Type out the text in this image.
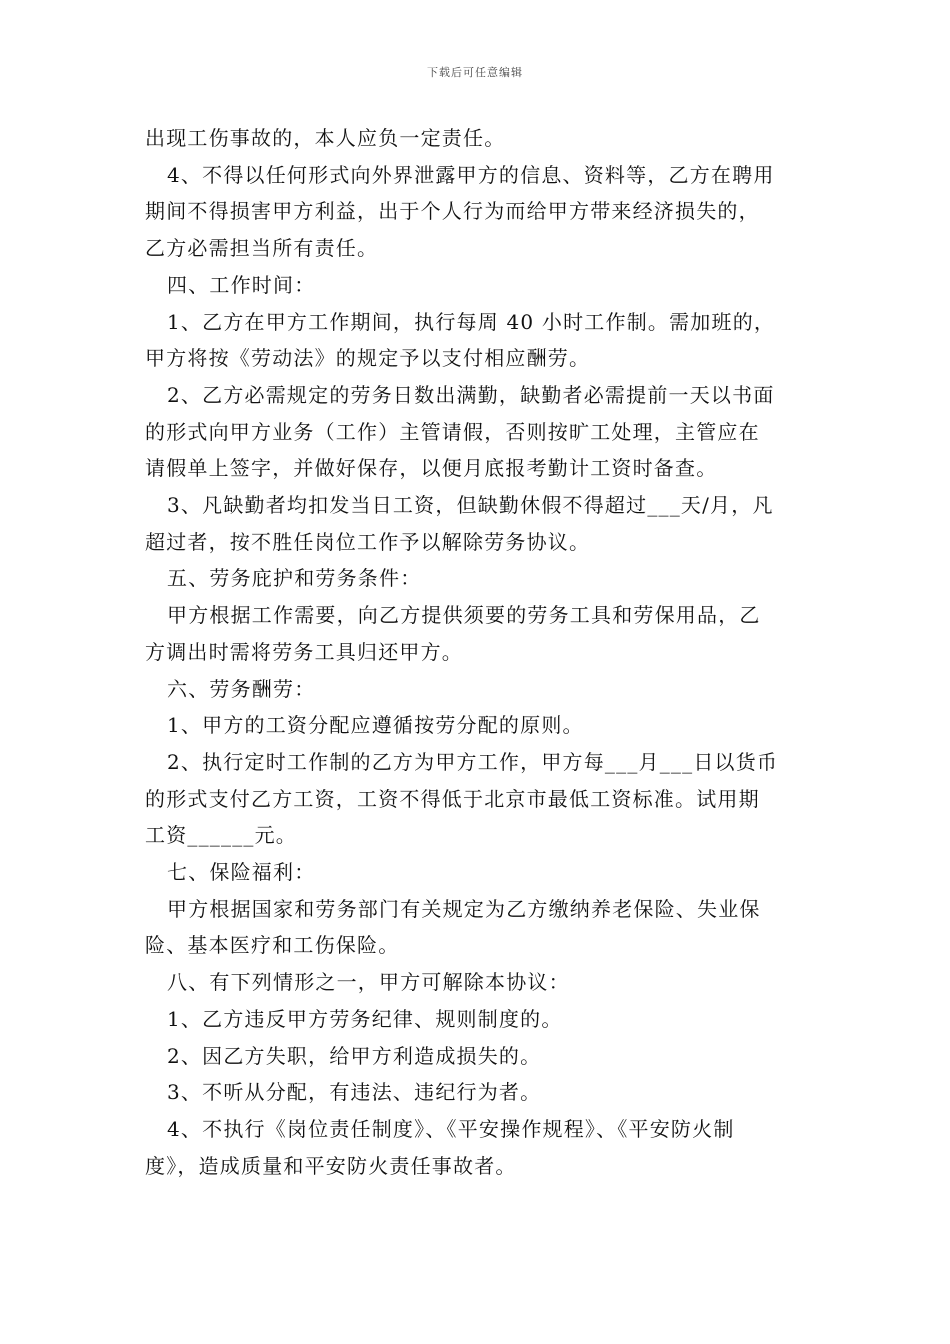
下载后可任意编辑
出现工伤事故的，本人应负一定责任。
4、不得以任何形式向外界泄露甲方的信息、资料等，乙方在聘用
期间不得损害甲方利益，出于个人行为而给甲方带来经济损失的，
乙方必需担当所有责任。
四、工作时间：
1、乙方在甲方工作期间，执行每周 40 小时工作制。需加班的，
甲方将按《劳动法》的规定予以支付相应酬劳。
2、乙方必需规定的劳务日数出满勤，缺勤者必需提前一天以书面
的形式向甲方业务（工作）主管请假，否则按旷工处理，主管应在
请假单上签字，并做好保存，以便月底报考勤计工资时备查。
3、凡缺勤者均扣发当日工资，但缺勤休假不得超过___天/月，凡
超过者，按不胜任岗位工作予以解除劳务协议。
五、劳务庇护和劳务条件：
甲方根据工作需要，向乙方提供须要的劳务工具和劳保用品，乙
方调出时需将劳务工具归还甲方。
六、劳务酬劳：
1、甲方的工资分配应遵循按劳分配的原则。
2、执行定时工作制的乙方为甲方工作，甲方每___月___日以货币
的形式支付乙方工资，工资不得低于北京市最低工资标准。试用期
工资______元。
七、保险福利：
甲方根据国家和劳务部门有关规定为乙方缴纳养老保险、失业保
险、基本医疗和工伤保险。
八、有下列情形之一，甲方可解除本协议：
1、乙方违反甲方劳务纪律、规则制度的。
2、因乙方失职，给甲方利造成损失的。
3、不听从分配，有违法、违纪行为者。
4、不执行《岗位责任制度》、《平安操作规程》、《平安防火制
度》，造成质量和平安防火责任事故者。
